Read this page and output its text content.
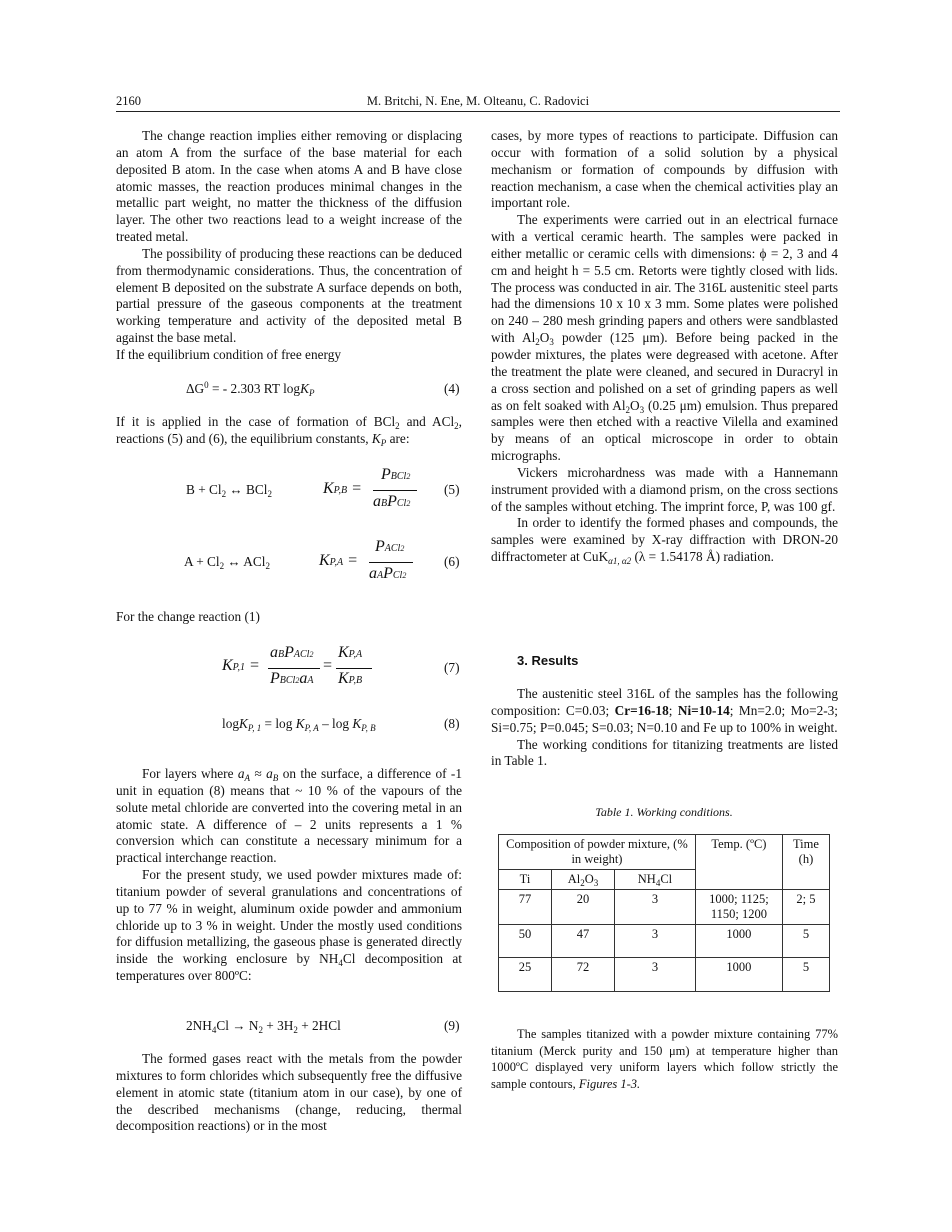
2160	M. Britchi, N. Ene, M. Olteanu, C. Radovici

The change reaction implies either removing or displacing an atom A from the surface of the base material for each deposited B atom. In the case when atoms A and B have close atomic masses, the reaction produces minimal changes in the metallic part weight, no matter the thickness of the diffusion layer. The other two reactions lead to a weight increase of the treated metal.

The possibility of producing these reactions can be deduced from thermodynamic considerations. Thus, the concentration of element B deposited on the substrate A surface depends on both, partial pressure of the gaseous components at the treatment working temperature and activity of the deposited metal B against the base metal.

If the equilibrium condition of free energy

$\Delta G^0$ = - 2.303 RT logK$_P$	(4)

If it is applied in the case of formation of BCl$_2$ and ACl$_2$, reactions (5) and (6), the equilibrium constants, $K_P$ are:

$B + Cl_2$ ↔ BCl$_2$	KP,B =
PBCl2
aBPCl2
(5)
$A + Cl_2$ ↔ ACl$_2$	KP,A =
PACl2
aAPCl2
(6)

For the change reaction (1)

KP,1 =
aBPACl2
PBCl2aA
=
KP,A
KP,B
(7)
$\log K_{P, 1} = \log K_{P, A} - \log K_{P, B}$	(8)

For layers where $a_A \approx a_B$ on the surface, a difference of -1 unit in equation (8) means that ~ 10 % of the vapours of the solute metal chloride are converted into the covering metal in an atomic state. A difference of – 2 units represents a 1 % conversion which can constitute a necessary minimum for a practical interchange reaction.

For the present study, we used powder mixtures made of: titanium powder of several granulations and concentrations of up to 77 % in weight, aluminum oxide powder and ammonium chloride up to 3 % in weight. Under the mostly used conditions for diffusion metallizing, the gaseous phase is generated directly inside the working enclosure by $NH_4Cl$ decomposition at temperatures over 800ºC:

$2NH_4Cl \to N_2 + 3H_2 + 2HCl$	(9)

The formed gases react with the metals from the powder mixtures to form chlorides which subsequently free the diffusive element in atomic state (titanium atom in our case), by one of the described mechanisms (change, reducing, thermal decomposition reactions) or in the most

cases, by more types of reactions to participate. Diffusion can occur with formation of a solid solution by a physical mechanism or formation of compounds by diffusion with reaction mechanism, a case when the chemical activities play an important role.

The experiments were carried out in an electrical furnace with a vertical ceramic hearth. The samples were packed in either metallic or ceramic cells with dimensions: ϕ = 2, 3 and 4 cm and height h = 5.5 cm. Retorts were tightly closed with lids. The process was conducted in air. The 316L austenitic steel parts had the dimensions 10 x 10 x 3 mm. Some plates were polished on 240 – 280 mesh grinding papers and others were sandblasted with $Al_2O_3$ powder (125 μm). Before being packed in the powder mixtures, the plates were degreased with acetone. After the treatment the plate were cleaned, and secured in Duracryl in a cross section and polished on a set of grinding papers as well as on felt soaked with $Al_2O_3$ (0.25 μm) emulsion. Thus prepared samples were then etched with a reactive Vilella and examined by means of an optical microscope in order to obtain micrographs.

Vickers microhardness was made with a Hannemann instrument provided with a diamond prism, on the cross sections of the samples without etching. The imprint force, P, was 100 gf.

In order to identify the formed phases and compounds, the samples were examined by X-ray diffraction with DRON-20 diffractometer at CuK$_{\alpha 1, \alpha 2}$ (λ = 1.54178 Å) radiation.

3. Results

The austenitic steel 316L of the samples has the following composition: C=0.03; Cr=16-18; Ni=10-14; Mn=2.0; Mo=2-3; Si=0.75; P=0.045; S=0.03; N=0.10 and Fe up to 100% in weight.

The working conditions for titanizing treatments are listed in Table 1.

Table 1. Working conditions.
Composition of powder mixture, (% in weight)			Temp. (ºC)	Time (h)
Ti	$Al_2O_3$	$NH_4Cl$		
77	20	3	1000; 1125; 1150; 1200	2; 5
50	47	3	1000	5
25	72	3	1000	5

The samples titanized with a powder mixture containing 77% titanium (Merck purity and 150 μm) at temperature higher than 1000ºC displayed very uniform layers which follow strictly the sample contours, Figures 1-3.
